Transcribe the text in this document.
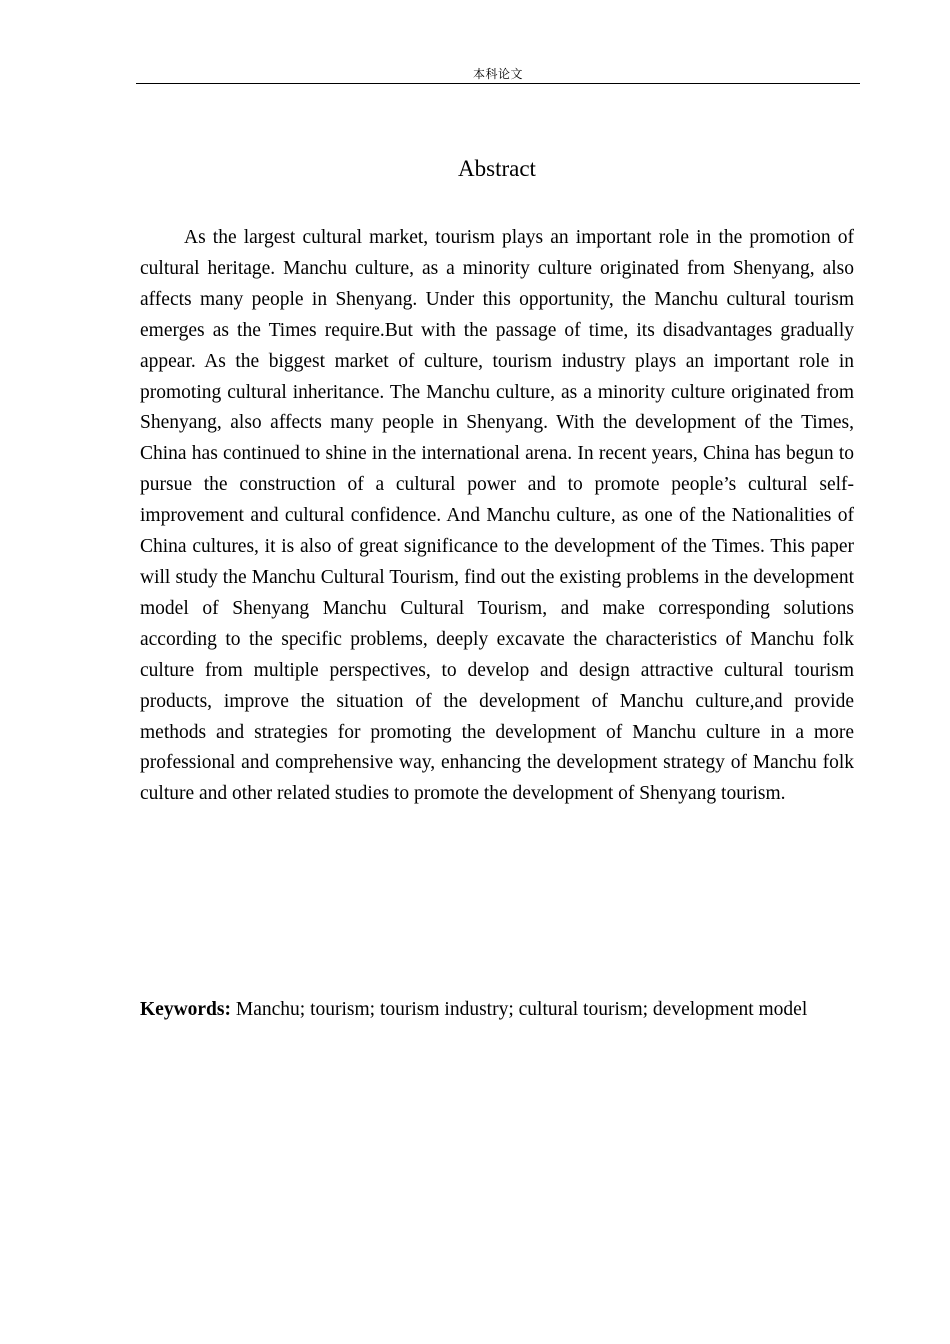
本科论文
Abstract

As the largest cultural market, tourism plays an important role in the promotion of cultural heritage. Manchu culture, as a minority culture originated from Shenyang, also affects many people in Shenyang. Under this opportunity, the Manchu cultural tourism emerges as the Times require.But with the passage of time, its disadvantages gradually appear. As the biggest market of culture, tourism industry plays an important role in promoting cultural inheritance. The Manchu culture, as a minority culture originated from Shenyang, also affects many people in Shenyang. With the development of the Times, China has continued to shine in the international arena. In recent years, China has begun to pursue the construction of a cultural power and to promote people’s cultural self-improvement and cultural confidence. And Manchu culture, as one of the Nationalities of China cultures, it is also of great significance to the development of the Times. This paper will study the Manchu Cultural Tourism, find out the existing problems in the development model of Shenyang Manchu Cultural Tourism, and make corresponding solutions according to the specific problems, deeply excavate the characteristics of Manchu folk culture from multiple perspectives, to develop and design attractive cultural tourism products, improve the situation of the development of Manchu culture,and provide methods and strategies for promoting the development of Manchu culture in a more professional and comprehensive way, enhancing the development strategy of Manchu folk culture and other related studies to promote the development of Shenyang tourism.

Keywords: Manchu; tourism; tourism industry; cultural tourism; development model
